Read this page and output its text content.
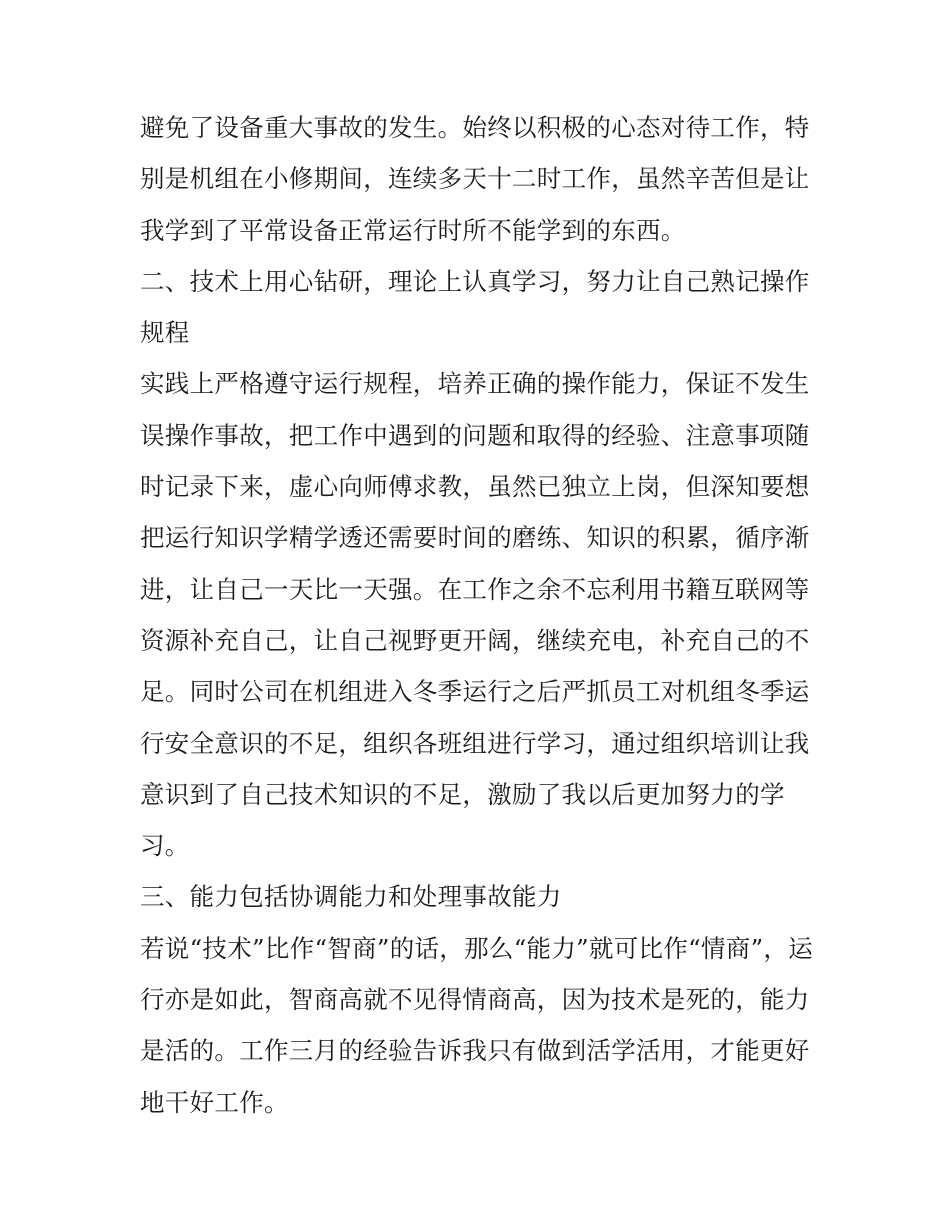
避免了设备重大事故的发生。始终以积极的心态对待工作，特
别是机组在小修期间，连续多天十二时工作，虽然辛苦但是让
我学到了平常设备正常运行时所不能学到的东西。
二、技术上用心钻研，理论上认真学习，努力让自己熟记操作
规程
实践上严格遵守运行规程，培养正确的操作能力，保证不发生
误操作事故，把工作中遇到的问题和取得的经验、注意事项随
时记录下来，虚心向师傅求教，虽然已独立上岗，但深知要想
把运行知识学精学透还需要时间的磨练、知识的积累，循序渐
进，让自己一天比一天强。在工作之余不忘利用书籍互联网等
资源补充自己，让自己视野更开阔，继续充电，补充自己的不
足。同时公司在机组进入冬季运行之后严抓员工对机组冬季运
行安全意识的不足，组织各班组进行学习，通过组织培训让我
意识到了自己技术知识的不足，激励了我以后更加努力的学
习。
三、能力包括协调能力和处理事故能力
若说“技术”比作“智商”的话，那么“能力”就可比作“情商”，运
行亦是如此，智商高就不见得情商高，因为技术是死的，能力
是活的。工作三月的经验告诉我只有做到活学活用，才能更好
地干好工作。
